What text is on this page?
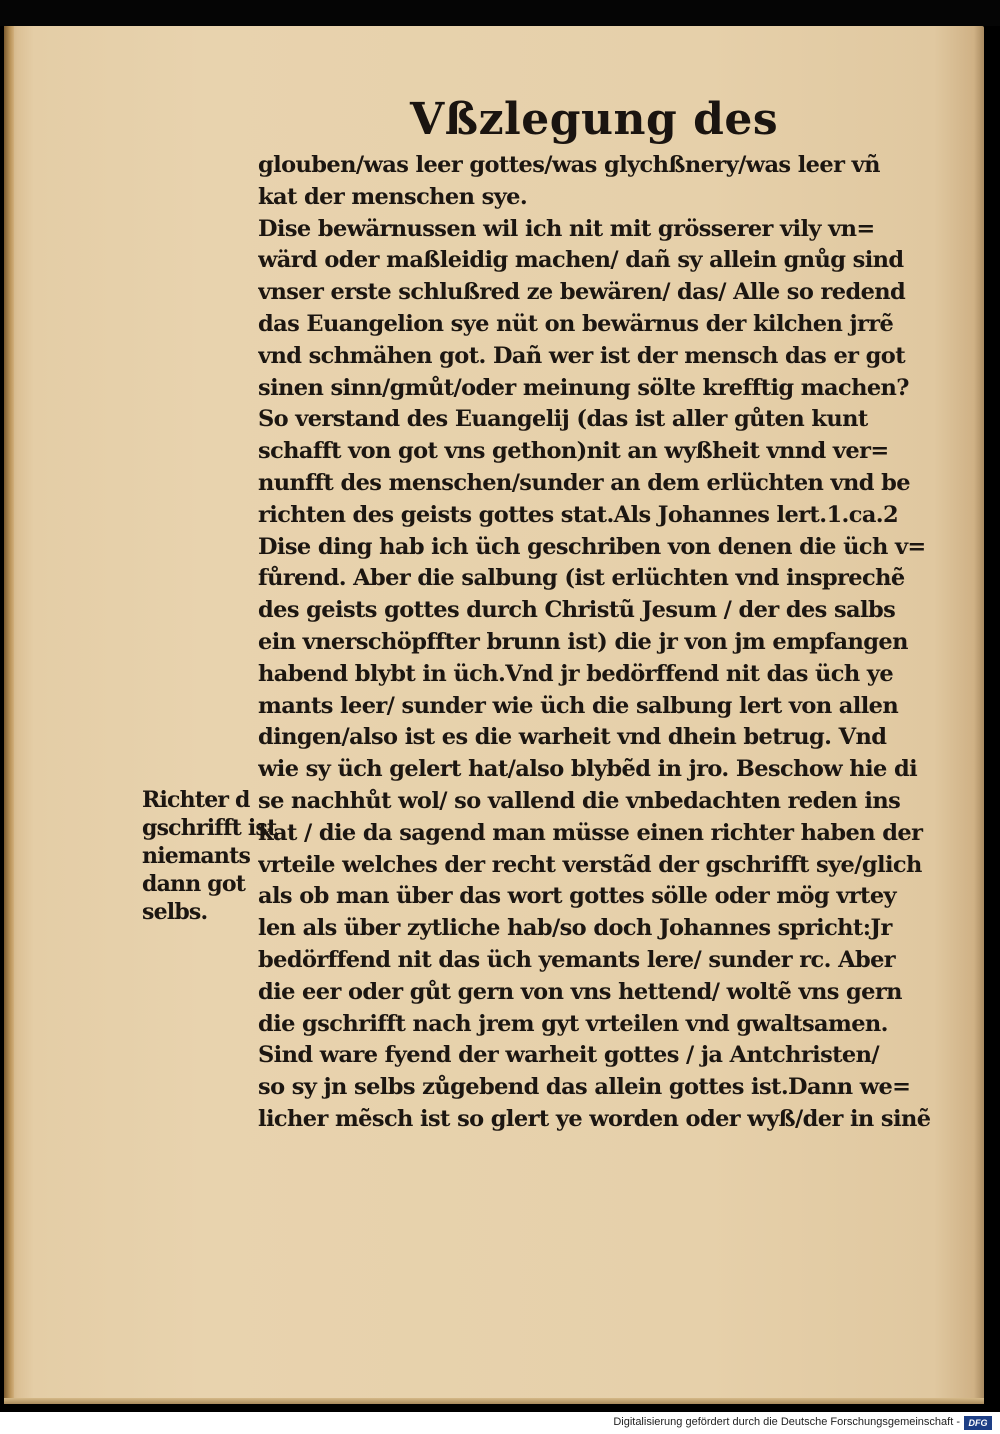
Vßzlegung des
glouben/was leer gottes/was glychßnery/was leer vñ
kat der menschen sye.
Dise bewärnussen wil ich nit mit grösserer vily vn=
wärd oder maßleidig machen/ dañ sy allein gnůg sind
vnser erste schlußred ze bewären/ das/ Alle so redend
das Euangelion sye nüt on bewärnus der kilchen jrrẽ
vnd schmähen got. Dañ wer ist der mensch das er got
sinen sinn/gmůt/oder meinung sölte krefftig machen?
So verstand des Euangelij (das ist aller gůten kunt
schafft von got vns gethon)nit an wyßheit vnnd ver=
nunfft des menschen/sunder an dem erlüchten vnd be
richten des geists gottes stat.Als Johannes lert.1.ca.2
Dise ding hab ich üch geschriben von denen die üch v=
fůrend. Aber die salbung (ist erlüchten vnd insprechẽ
des geists gottes durch Christũ Jesum / der des salbs
ein vnerschöpffter brunn ist) die jr von jm empfangen
habend blybt in üch.Vnd jr bedörffend nit das üch ye
mants leer/ sunder wie üch die salbung lert von allen
dingen/also ist es die warheit vnd dhein betrug. Vnd
wie sy üch gelert hat/also blybẽd in jro. Beschow hie di
se nachhůt wol/ so vallend die vnbedachten reden ins
kat / die da sagend man müsse einen richter haben der
vrteile welches der recht verstãd der gschrifft sye/glich
als ob man über das wort gottes sölle oder mög vrtey
len als über zytliche hab/so doch Johannes spricht:Jr
bedörffend nit das üch yemants lere/ sunder rc. Aber
die eer oder gůt gern von vns hettend/ woltẽ vns gern
die gschrifft nach jrem gyt vrteilen vnd gwaltsamen.
Sind ware fyend der warheit gottes / ja Antchristen/
so sy jn selbs zůgebend das allein gottes ist.Dann we=
licher mẽsch ist so glert ye worden oder wyß/der in sinẽ
Richter d
gschrifft ist
niemants
dann got
selbs.
Digitalisierung gefördert durch die Deutsche Forschungsgemeinschaft - DFG
